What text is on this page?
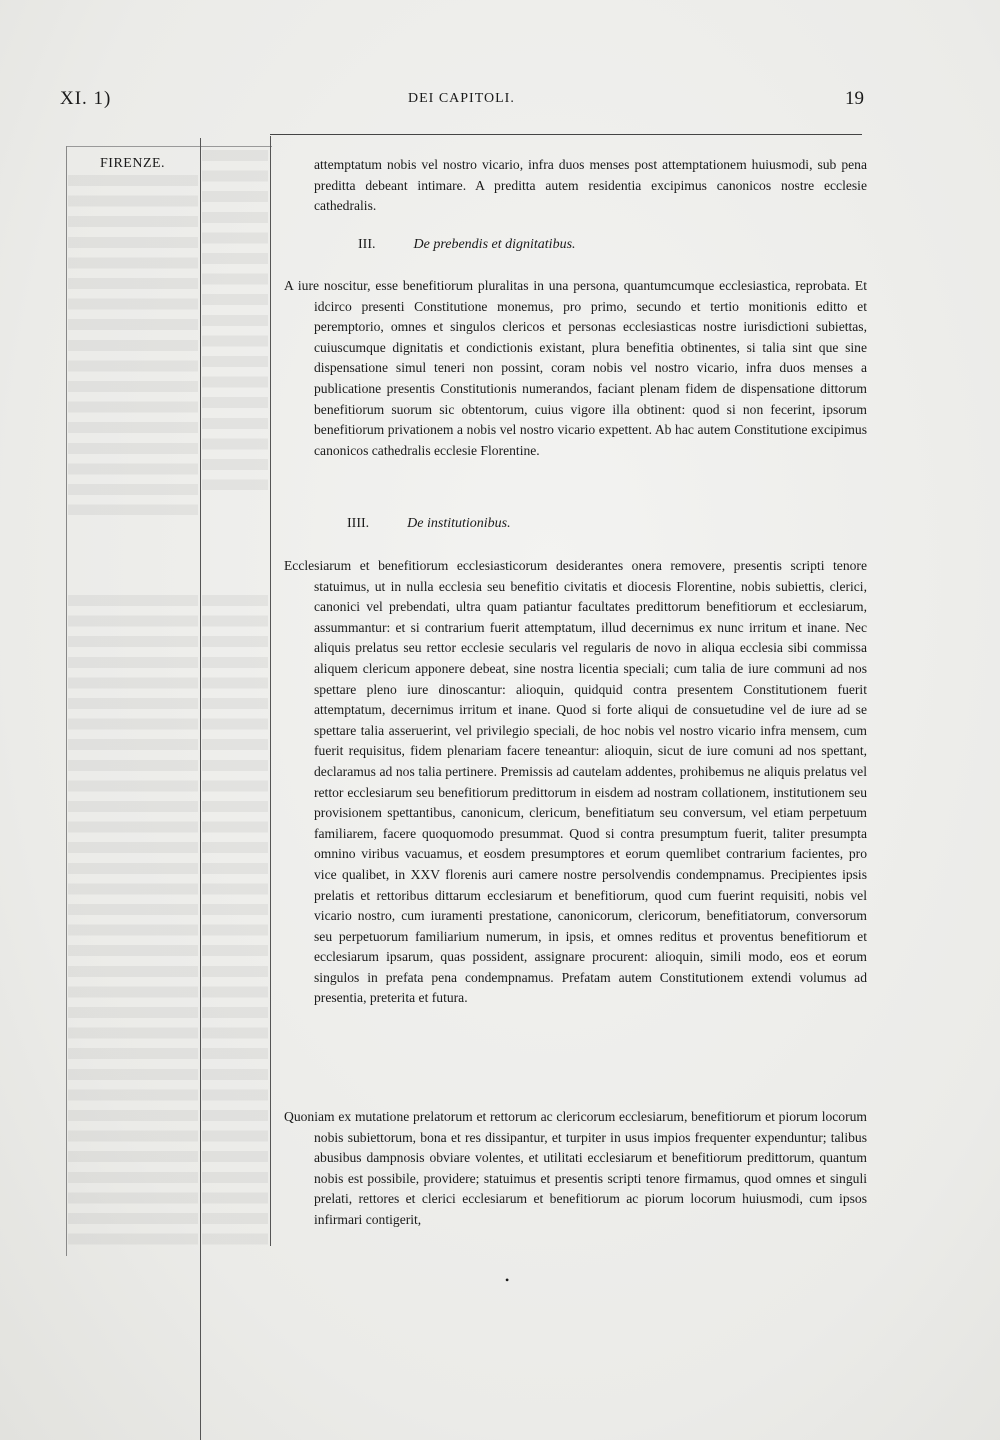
XI. 1)	DEI CAPITOLI.	19
FIRENZE.	attemptatum nobis vel nostro vicario, infra duos menses post attemptationem huiusmodi, sub pena preditta debeant intimare. A preditta autem residentia excipimus canonicos nostre ecclesie cathedralis.

III.	De prebendis et dignitatibus.

A iure noscitur, esse benefitiorum pluralitas in una persona, quantumcumque ecclesiastica, reprobata. Et idcirco presenti Constitutione monemus, pro primo, secundo et tertio monitionis editto et peremptorio, omnes et singulos clericos et personas ecclesiasticas nostre iurisdictioni subiettas, cuiuscumque dignitatis et condictionis existant, plura benefitia obtinentes, si talia sint que sine dispensatione simul teneri non possint, coram nobis vel nostro vicario, infra duos menses a publicatione presentis Constitutionis numerandos, faciant plenam fidem de dispensatione dittorum benefitiorum suorum sic obtentorum, cuius vigore illa obtinent: quod si non fecerint, ipsorum benefitiorum privationem a nobis vel nostro vicario expettent. Ab hac autem Constitutione excipimus canonicos cathedralis ecclesie Florentine.

IIII.	De institutionibus.

Ecclesiarum et benefitiorum ecclesiasticorum desiderantes onera removere, presentis scripti tenore statuimus, ut in nulla ecclesia seu benefitio civitatis et diocesis Florentine, nobis subiettis, clerici, canonici vel prebendati, ultra quam patiantur facultates predittorum benefitiorum et ecclesiarum, assummantur: et si contrarium fuerit attemptatum, illud decernimus ex nunc irritum et inane. Nec aliquis prelatus seu rettor ecclesie secularis vel regularis de novo in aliqua ecclesia sibi commissa aliquem clericum apponere debeat, sine nostra licentia speciali; cum talia de iure communi ad nos spettare pleno iure dinoscantur: alioquin, quidquid contra presentem Constitutionem fuerit attemptatum, decernimus irritum et inane. Quod si forte aliqui de consuetudine vel de iure ad se spettare talia asseruerint, vel privilegio speciali, de hoc nobis vel nostro vicario infra mensem, cum fuerit requisitus, fidem plenariam facere teneantur: alioquin, sicut de iure comuni ad nos spettant, declaramus ad nos talia pertinere. Premissis ad cautelam addentes, prohibemus ne aliquis prelatus vel rettor ecclesiarum seu benefitiorum predittorum in eisdem ad nostram collationem, institutionem seu provisionem spettantibus, canonicum, clericum, benefitiatum seu conversum, vel etiam perpetuum familiarem, facere quoquomodo presummat. Quod si contra presumptum fuerit, taliter presumpta omnino viribus vacuamus, et eosdem presumptores et eorum quemlibet contrarium facientes, pro vice qualibet, in XXV florenis auri camere nostre persolvendis condempnamus. Precipientes ipsis prelatis et rettoribus dittarum ecclesiarum et benefitiorum, quod cum fuerint requisiti, nobis vel vicario nostro, cum iuramenti prestatione, canonicorum, clericorum, benefitiatorum, conversorum seu perpetuorum familiarium numerum, in ipsis, et omnes reditus et proventus benefitiorum et ecclesiarum ipsarum, quas possident, assignare procurent: alioquin, simili modo, eos et eorum singulos in prefata pena condempnamus. Prefatam autem Constitutionem extendi volumus ad presentia, preterita et futura.

Quoniam ex mutatione prelatorum et rettorum ac clericorum ecclesiarum, benefitiorum et piorum locorum nobis subiettorum, bona et res dissipantur, et turpiter in usus impios frequenter expenduntur; talibus abusibus dampnosis obviare volentes, et utilitati ecclesiarum et benefitiorum predittorum, quantum nobis est possibile, providere; statuimus et presentis scripti tenore firmamus, quod omnes et singuli prelati, rettores et clerici ecclesiarum et benefitiorum ac piorum locorum huiusmodi, cum ipsos infirmari contigerit,

•
